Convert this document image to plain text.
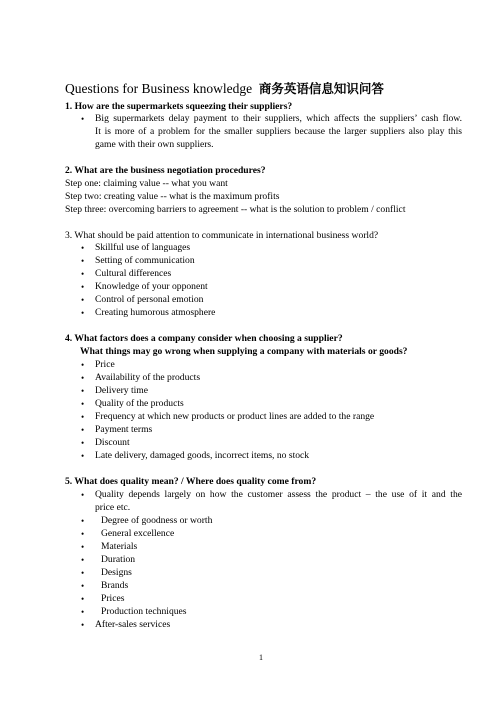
Questions for Business knowledge 商务英语信息知识问答
1. How are the supermarkets squeezing their suppliers?
• Big supermarkets delay payment to their suppliers, which affects the suppliers’ cash flow.
It is more of a problem for the smaller suppliers because the larger suppliers also play this
game with their own suppliers.
2. What are the business negotiation procedures?
Step one: claiming value -- what you want
Step two: creating value -- what is the maximum profits
Step three: overcoming barriers to agreement -- what is the solution to problem / conflict
3. What should be paid attention to communicate in international business world?
• Skillful use of languages
• Setting of communication
• Cultural differences
• Knowledge of your opponent
• Control of personal emotion
• Creating humorous atmosphere
4. What factors does a company consider when choosing a supplier?
What things may go wrong when supplying a company with materials or goods?
• Price
• Availability of the products
• Delivery time
• Quality of the products
• Frequency at which new products or product lines are added to the range
• Payment terms
• Discount
• Late delivery, damaged goods, incorrect items, no stock
5. What does quality mean? / Where does quality come from?
• Quality depends largely on how the customer assess the product – the use of it and the
price etc.
• Degree of goodness or worth
• General excellence
• Materials
• Duration
• Designs
• Brands
• Prices
• Production techniques
• After-sales services
1
